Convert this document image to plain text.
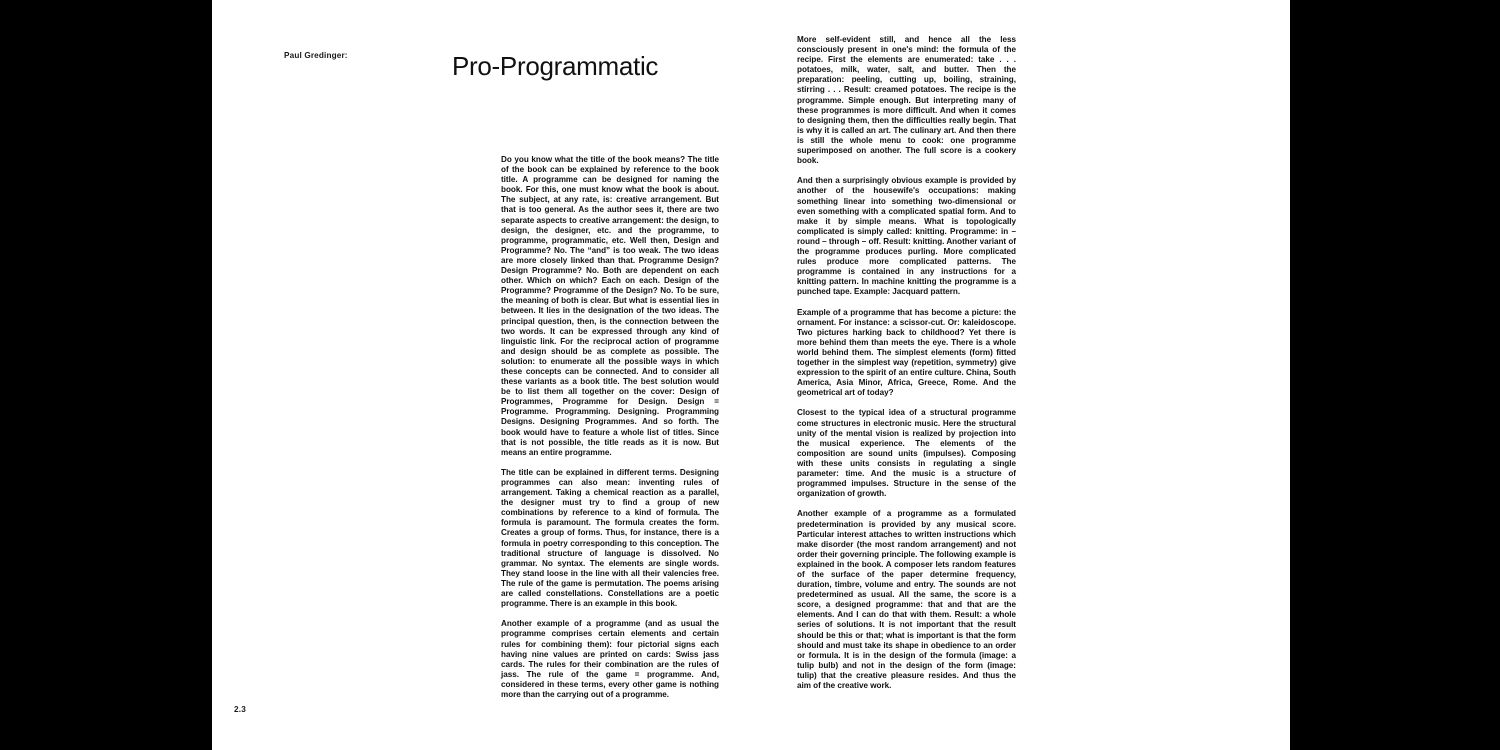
Paul Gredinger:	Pro-Programmatic

Do you know what the title of the book means? The title of the book can be explained by reference to the book title. A programme can be designed for naming the book. For this, one must know what the book is about. The subject, at any rate, is: creative arrangement. But that is too general. As the author sees it, there are two separate aspects to creative arrangement: the design, to design, the designer, etc. and the programme, to programme, programmatic, etc. Well then, Design and Programme? No. The “and” is too weak. The two ideas are more closely linked than that. Programme Design? Design Programme? No. Both are dependent on each other. Which on which? Each on each. Design of the Programme? Programme of the Design? No. To be sure, the meaning of both is clear. But what is essential lies in between. It lies in the designation of the two ideas. The principal question, then, is the connection between the two words. It can be expressed through any kind of linguistic link. For the reciprocal action of programme and design should be as complete as possible. The solution: to enumerate all the possible ways in which these concepts can be connected. And to consider all these variants as a book title. The best solution would be to list them all together on the cover: Design of Programmes, Programme for Design. Design = Programme. Programming. Designing. Programming Designs. Designing Programmes. And so forth. The book would have to feature a whole list of titles. Since that is not possible, the title reads as it is now. But means an entire programme.

The title can be explained in different terms. Designing programmes can also mean: inventing rules of arrangement. Taking a chemical reaction as a parallel, the designer must try to find a group of new combinations by reference to a kind of formula. The formula is paramount. The formula creates the form. Creates a group of forms. Thus, for instance, there is a formula in poetry corresponding to this conception. The traditional structure of language is dissolved. No grammar. No syntax. The elements are single words. They stand loose in the line with all their valencies free. The rule of the game is permutation. The poems arising are called constellations. Constellations are a poetic programme. There is an example in this book.

Another example of a programme (and as usual the programme comprises certain elements and certain rules for combining them): four pictorial signs each having nine values are printed on cards: Swiss jass cards. The rules for their combination are the rules of jass. The rule of the game = programme. And, considered in these terms, every other game is nothing more than the carrying out of a programme.

More self-evident still, and hence all the less consciously present in one's mind: the formula of the recipe. First the elements are enumerated: take . . . potatoes, milk, water, salt, and butter. Then the preparation: peeling, cutting up, boiling, straining, stirring . . . Result: creamed potatoes. The recipe is the programme. Simple enough. But interpreting many of these programmes is more difficult. And when it comes to designing them, then the difficulties really begin. That is why it is called an art. The culinary art. And then there is still the whole menu to cook: one programme superimposed on another. The full score is a cookery book.

And then a surprisingly obvious example is provided by another of the housewife's occupations: making something linear into something two-dimensional or even something with a complicated spatial form. And to make it by simple means. What is topologically complicated is simply called: knitting. Programme: in – round – through – off. Result: knitting. Another variant of the programme produces purling. More complicated rules produce more complicated patterns. The programme is contained in any instructions for a knitting pattern. In machine knitting the programme is a punched tape. Example: Jacquard pattern.

Example of a programme that has become a picture: the ornament. For instance: a scissor-cut. Or: kaleidoscope. Two pictures harking back to childhood? Yet there is more behind them than meets the eye. There is a whole world behind them. The simplest elements (form) fitted together in the simplest way (repetition, symmetry) give expression to the spirit of an entire culture. China, South America, Asia Minor, Africa, Greece, Rome. And the geometrical art of today?

Closest to the typical idea of a structural programme come structures in electronic music. Here the structural unity of the mental vision is realized by projection into the musical experience. The elements of the composition are sound units (impulses). Composing with these units consists in regulating a single parameter: time. And the music is a structure of programmed impulses. Structure in the sense of the organization of growth.

Another example of a programme as a formulated predetermination is provided by any musical score. Particular interest attaches to written instructions which make disorder (the most random arrangement) and not order their governing principle. The following example is explained in the book. A composer lets random features of the surface of the paper determine frequency, duration, timbre, volume and entry. The sounds are not predetermined as usual. All the same, the score is a score, a designed programme: that and that are the elements. And I can do that with them. Result: a whole series of solutions. It is not important that the result should be this or that; what is important is that the form should and must take its shape in obedience to an order or formula. It is in the design of the formula (image: a tulip bulb) and not in the design of the form (image: tulip) that the creative pleasure resides. And thus the aim of the creative work.

2.3
